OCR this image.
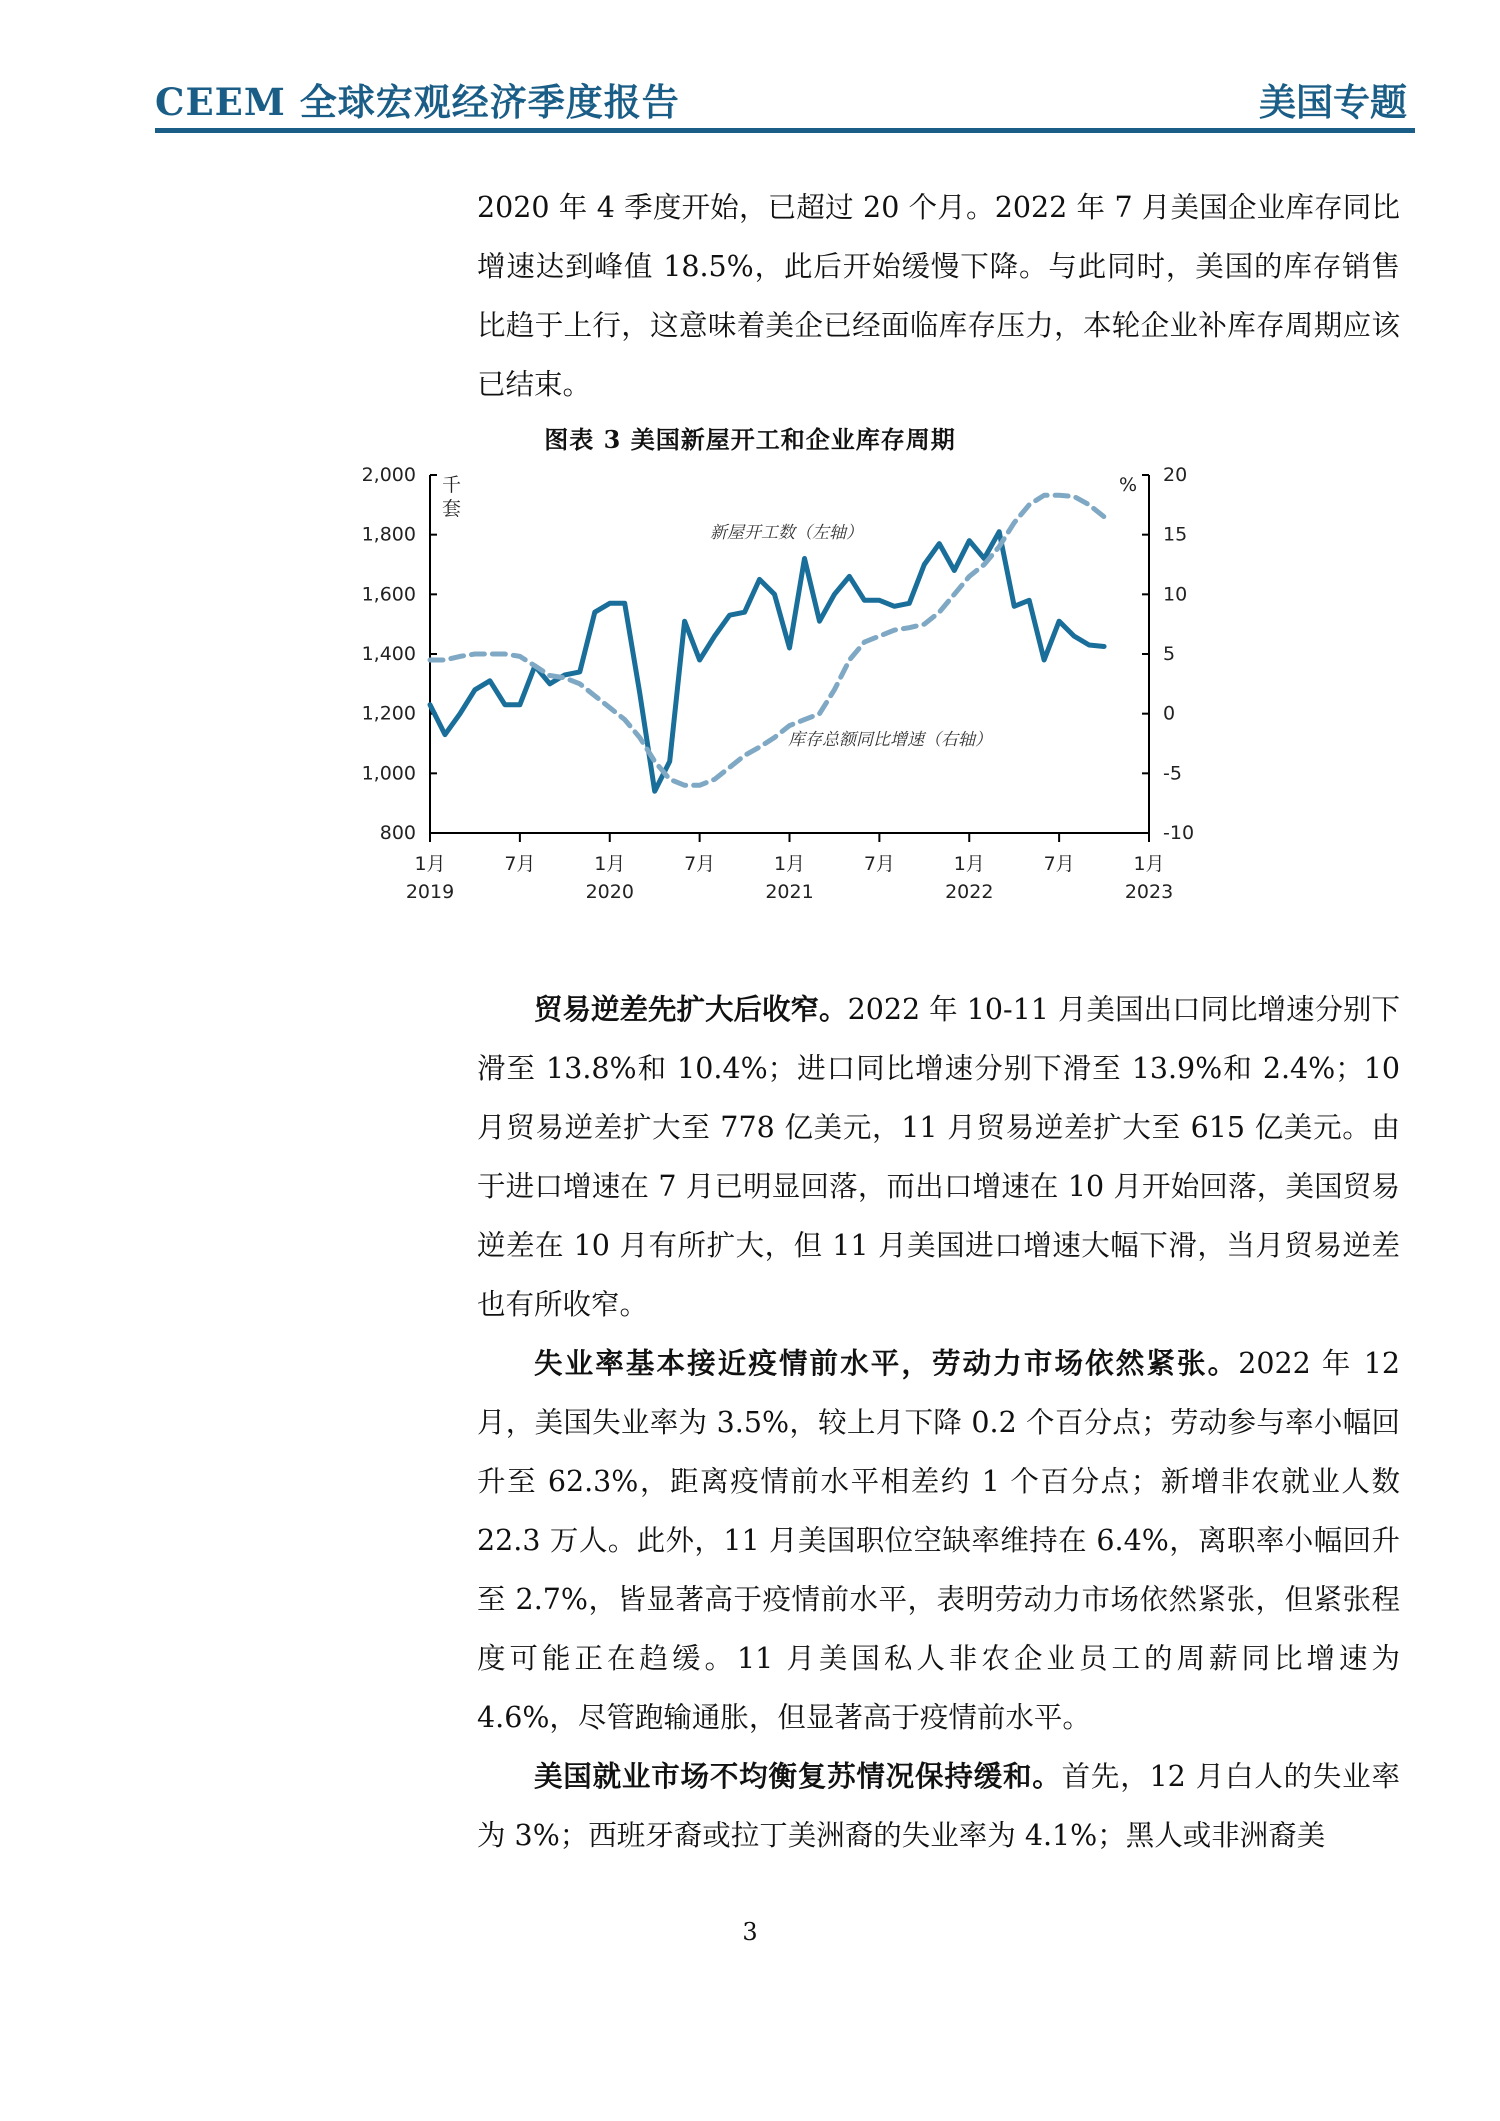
CEEM 全球宏观经济季度报告	美国专题
2020 年 4 季度开始，已超过 20 个月。2022 年 7 月美国企业库存同比增速达到峰值 18.5%，此后开始缓慢下降。与此同时，美国的库存销售比趋于上行，这意味着美企已经面临库存压力，本轮企业补库存周期应该已结束。
图表 3 美国新屋开工和企业库存周期
800
1,000
1,200
1,400
1,600
1,800
2,000
-10
-5
0
5
10
15
20
1月
2019
7月	1月
2020
7月	1月
2021
7月	1月
2022
7月	1月
2023
新屋开工数（左轴）
库存总额同比增速（右轴）
千套
%
贸易逆差先扩大后收窄。2022 年 10-11 月美国出口同比增速分别下滑至 13.8%和 10.4%；进口同比增速分别下滑至 13.9%和 2.4%；10 月贸易逆差扩大至 778 亿美元，11 月贸易逆差扩大至 615 亿美元。由于进口增速在 7 月已明显回落，而出口增速在 10 月开始回落，美国贸易逆差在 10 月有所扩大，但 11 月美国进口增速大幅下滑，当月贸易逆差也有所收窄。
失业率基本接近疫情前水平，劳动力市场依然紧张。2022 年 12 月，美国失业率为 3.5%，较上月下降 0.2 个百分点；劳动参与率小幅回升至 62.3%，距离疫情前水平相差约 1 个百分点；新增非农就业人数 22.3 万人。此外，11 月美国职位空缺率维持在 6.4%，离职率小幅回升至 2.7%，皆显著高于疫情前水平，表明劳动力市场依然紧张，但紧张程度可能正在趋缓。11 月美国私人非农企业员工的周薪同比增速为 4.6%，尽管跑输通胀，但显著高于疫情前水平。
美国就业市场不均衡复苏情况保持缓和。首先，12 月白人的失业率为 3%；西班牙裔或拉丁美洲裔的失业率为 4.1%；黑人或非洲裔美
3
